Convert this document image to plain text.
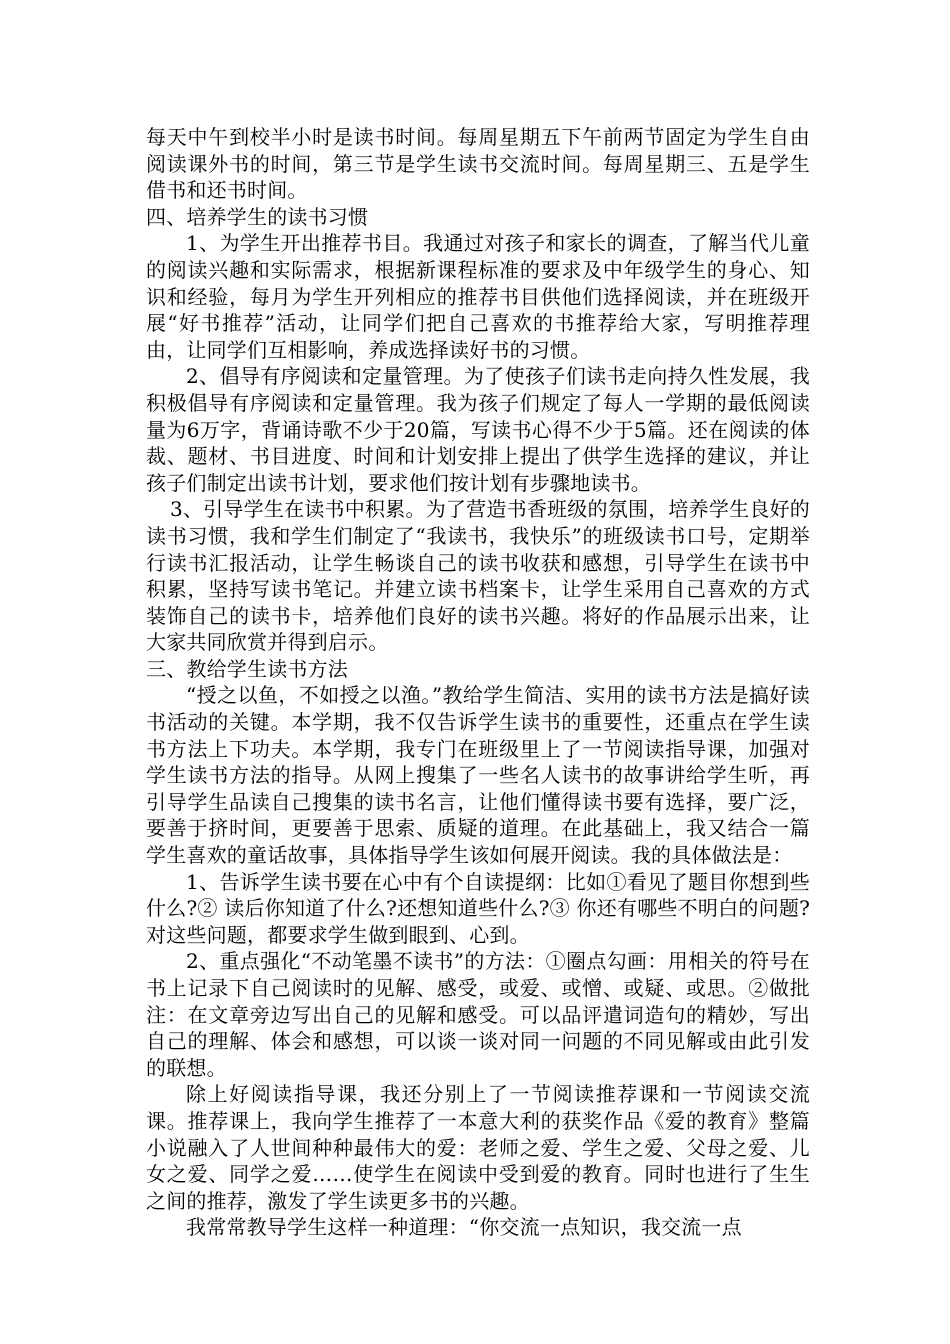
每天中午到校半小时是读书时间。每周星期五下午前两节固定为学生自由阅读课外书的时间，第三节是学生读书交流时间。每周星期三、五是学生借书和还书时间。

四、培养学生的读书习惯

1、为学生开出推荐书目。我通过对孩子和家长的调查，了解当代儿童的阅读兴趣和实际需求，根据新课程标准的要求及中年级学生的身心、知识和经验，每月为学生开列相应的推荐书目供他们选择阅读，并在班级开展“好书推荐”活动，让同学们把自己喜欢的书推荐给大家，写明推荐理由，让同学们互相影响，养成选择读好书的习惯。

2、倡导有序阅读和定量管理。为了使孩子们读书走向持久性发展，我积极倡导有序阅读和定量管理。我为孩子们规定了每人一学期的最低阅读量为6万字，背诵诗歌不少于20篇，写读书心得不少于5篇。还在阅读的体裁、题材、书目进度、时间和计划安排上提出了供学生选择的建议，并让孩子们制定出读书计划，要求他们按计划有步骤地读书。

3、引导学生在读书中积累。为了营造书香班级的氛围，培养学生良好的读书习惯，我和学生们制定了“我读书，我快乐”的班级读书口号，定期举行读书汇报活动，让学生畅谈自己的读书收获和感想，引导学生在读书中积累，坚持写读书笔记。并建立读书档案卡，让学生采用自己喜欢的方式装饰自己的读书卡，培养他们良好的读书兴趣。将好的作品展示出来，让大家共同欣赏并得到启示。

三、教给学生读书方法

“授之以鱼，不如授之以渔。”教给学生简洁、实用的读书方法是搞好读书活动的关键。本学期，我不仅告诉学生读书的重要性，还重点在学生读书方法上下功夫。本学期，我专门在班级里上了一节阅读指导课，加强对学生读书方法的指导。从网上搜集了一些名人读书的故事讲给学生听，再引导学生品读自己搜集的读书名言，让他们懂得读书要有选择，要广泛，要善于挤时间，更要善于思索、质疑的道理。在此基础上，我又结合一篇学生喜欢的童话故事，具体指导学生该如何展开阅读。我的具体做法是：

1、告诉学生读书要在心中有个自读提纲：比如①看见了题目你想到些什么?② 读后你知道了什么?还想知道些什么?③ 你还有哪些不明白的问题?对这些问题，都要求学生做到眼到、心到。

2、重点强化“不动笔墨不读书”的方法：①圈点勾画：用相关的符号在书上记录下自己阅读时的见解、感受，或爱、或憎、或疑、或思。②做批注：在文章旁边写出自己的见解和感受。可以品评遣词造句的精妙，写出自己的理解、体会和感想，可以谈一谈对同一问题的不同见解或由此引发的联想。

除上好阅读指导课，我还分别上了一节阅读推荐课和一节阅读交流课。推荐课上，我向学生推荐了一本意大利的获奖作品《爱的教育》整篇小说融入了人世间种种最伟大的爱：老师之爱、学生之爱、父母之爱、儿女之爱、同学之爱……使学生在阅读中受到爱的教育。同时也进行了生生之间的推荐，激发了学生读更多书的兴趣。

我常常教导学生这样一种道理：“你交流一点知识，我交流一点
